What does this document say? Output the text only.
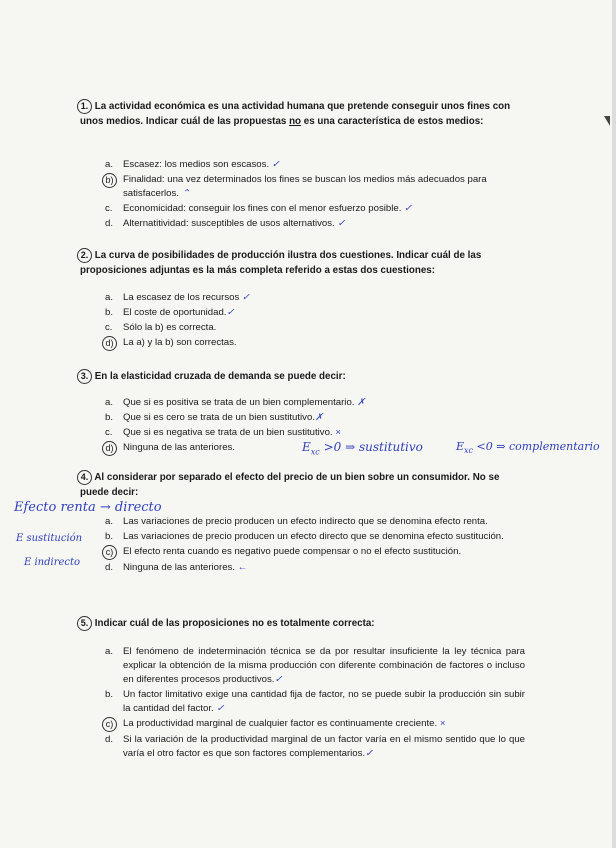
1. La actividad económica es una actividad humana que pretende conseguir unos fines con unos medios. Indicar cuál de las propuestas no es una característica de estos medios:
a.	Escasez: los medios son escasos. ✓
b) Finalidad: una vez determinados los fines se buscan los medios más adecuados para satisfacerlos. ⌃
c.	Economicidad: conseguir los fines con el menor esfuerzo posible. ✓
d.	Alternatitividad: susceptibles de usos alternativos. ✓
2. La curva de posibilidades de producción ilustra dos cuestiones. Indicar cuál de las proposiciones adjuntas es la más completa referido a estas dos cuestiones:
a.	La escasez de los recursos ✓
b.	El coste de oportunidad.✓
c.	Sólo la b) es correcta.
d) La a) y la b) son correctas.
3. En la elasticidad cruzada de demanda se puede decir:
a.	Que si es positiva se trata de un bien complementario. ✗
b.	Que si es cero se trata de un bien sustitutivo.✗
c.	Que si es negativa se trata de un bien sustitutivo. ×
d) Ninguna de las anteriores.	$E_{xc} >0$ ⇒ sustitutivo	$E_{xc} <0$ ⇒ complementario
4. Al considerar por separado el efecto del precio de un bien sobre un consumidor. No se puede decir:
a.	Las variaciones de precio producen un efecto indirecto que se denomina efecto renta.
b.	Las variaciones de precio producen un efecto directo que se denomina efecto sustitución.
c)	El efecto renta cuando es negativo puede compensar o no el efecto sustitución.
d.	Ninguna de las anteriores. ←
Efecto renta → directo
E sustitución
E indirecto
5. Indicar cuál de las proposiciones no es totalmente correcta:
a.	El fenómeno de indeterminación técnica se da por resultar insuficiente la ley técnica para explicar la obtención de la misma producción con diferente combinación de factores o incluso en diferentes procesos productivos.✓
b.	Un factor limitativo exige una cantidad fija de factor, no se puede subir la producción sin subir la cantidad del factor. ✓
c)	La productividad marginal de cualquier factor es continuamente creciente. ×
d.	Si la variación de la productividad marginal de un factor varía en el mismo sentido que lo que varía el otro factor es que son factores complementarios.✓
